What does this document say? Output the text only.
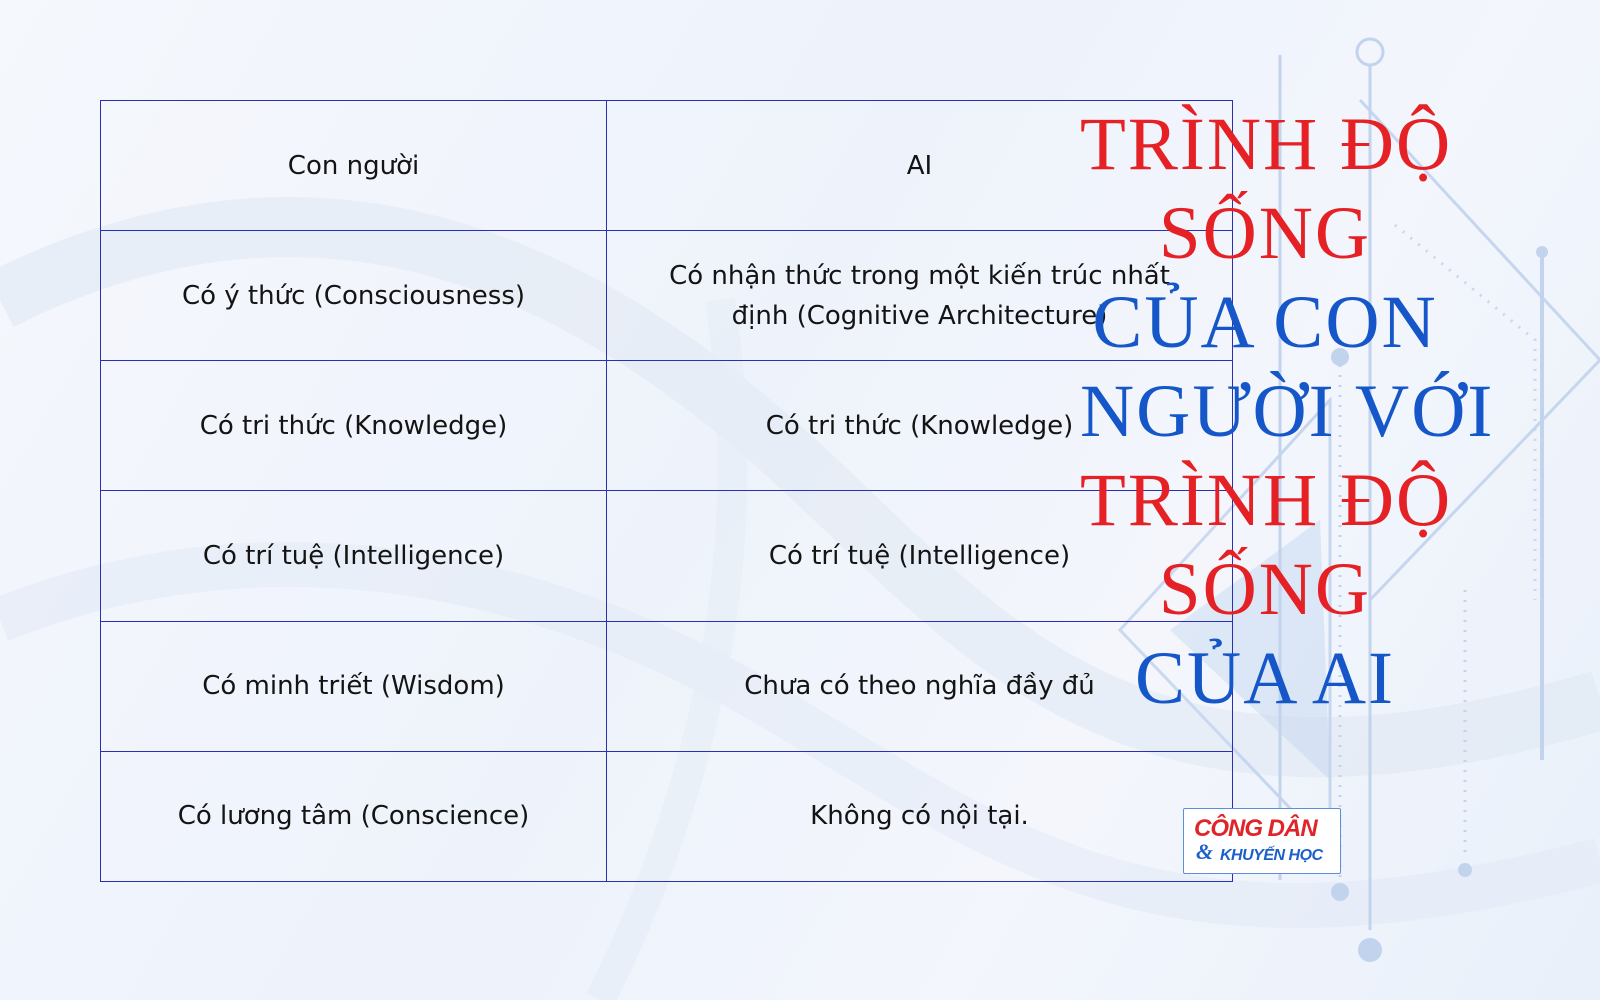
Con người	AI
Có ý thức (Consciousness)	Có nhận thức trong một kiến trúc nhất định (Cognitive Architecture)
Có tri thức (Knowledge)	Có tri thức (Knowledge)
Có trí tuệ (Intelligence)	Có trí tuệ (Intelligence)
Có minh triết (Wisdom)	Chưa có theo nghĩa đầy đủ
Có lương tâm (Conscience)	Không có nội tại.
TRÌNH ĐỘ
SỐNG
CỦA CON
NGƯỜI VỚI
TRÌNH ĐỘ
SỐNG
CỦA AI
CÔNG DÂN
& KHUYẾN HỌC
